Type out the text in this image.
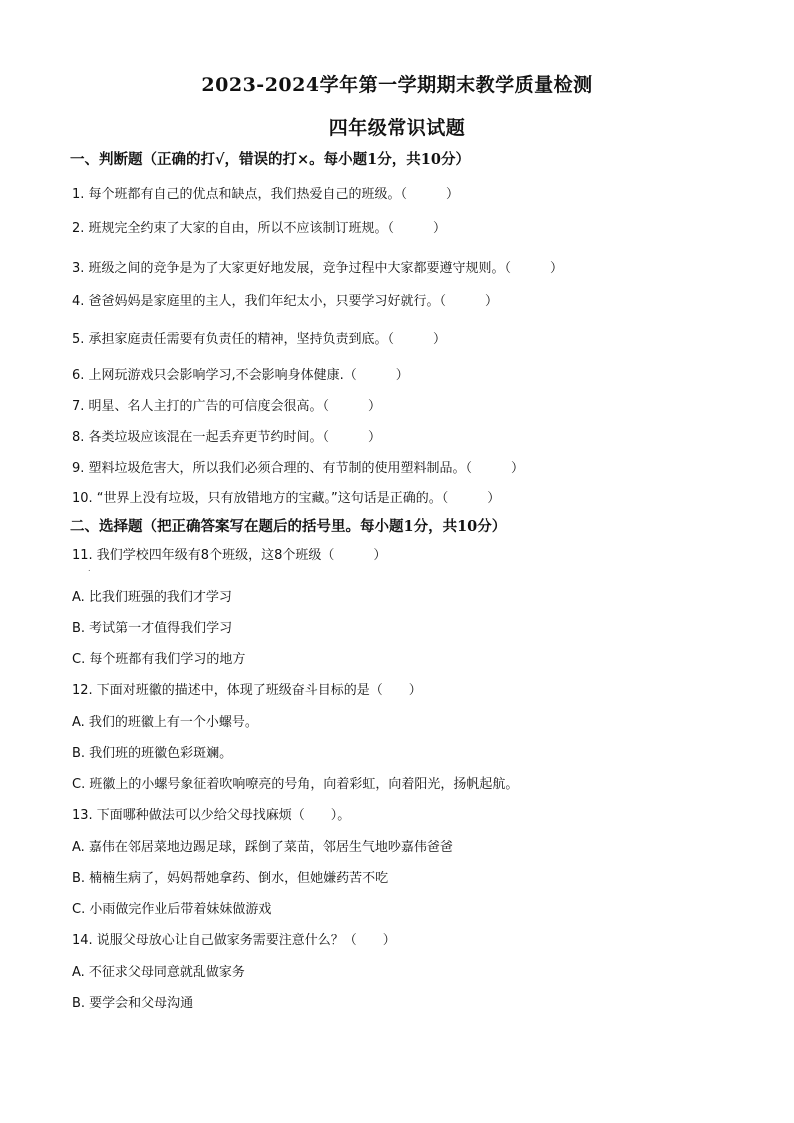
2023-2024学年第一学期期末教学质量检测
四年级常识试题
一、判断题（正确的打√，错误的打×。每小题1分，共10分）
1. 每个班都有自己的优点和缺点，我们热爱自己的班级。（　　　）
2. 班规完全约束了大家的自由，所以不应该制订班规。（　　　）
3. 班级之间的竞争是为了大家更好地发展，竞争过程中大家都要遵守规则。（　　　）
4. 爸爸妈妈是家庭里的主人，我们年纪太小，只要学习好就行。（　　　）
5. 承担家庭责任需要有负责任的精神，坚持负责到底。（　　　）
6. 上网玩游戏只会影响学习,不会影响身体健康.（　　　）
7. 明星、名人主打的广告的可信度会很高。（　　　）
8. 各类垃圾应该混在一起丢弃更节约时间。（　　　）
9. 塑料垃圾危害大，所以我们必须合理的、有节制的使用塑料制品。（　　　）
10. “世界上没有垃圾，只有放错地方的宝藏。”这句话是正确的。（　　　）
二、选择题（把正确答案写在题后的括号里。每小题1分，共10分）
11. 我们学校四年级有8个班级，这8个班级（　　　）
.
A. 比我们班强的我们才学习
B. 考试第一才值得我们学习
C. 每个班都有我们学习的地方
12. 下面对班徽的描述中，体现了班级奋斗目标的是（　　）
A. 我们的班徽上有一个小螺号。
B. 我们班的班徽色彩斑斓。
C. 班徽上的小螺号象征着吹响嘹亮的号角，向着彩虹，向着阳光，扬帆起航。
13. 下面哪种做法可以少给父母找麻烦（　　）。
A. 嘉伟在邻居菜地边踢足球，踩倒了菜苗，邻居生气地吵嘉伟爸爸
B. 楠楠生病了，妈妈帮她拿药、倒水，但她嫌药苦不吃
C. 小雨做完作业后带着妹妹做游戏
14. 说服父母放心让自己做家务需要注意什么？（　　）
A. 不征求父母同意就乱做家务
B. 要学会和父母沟通
